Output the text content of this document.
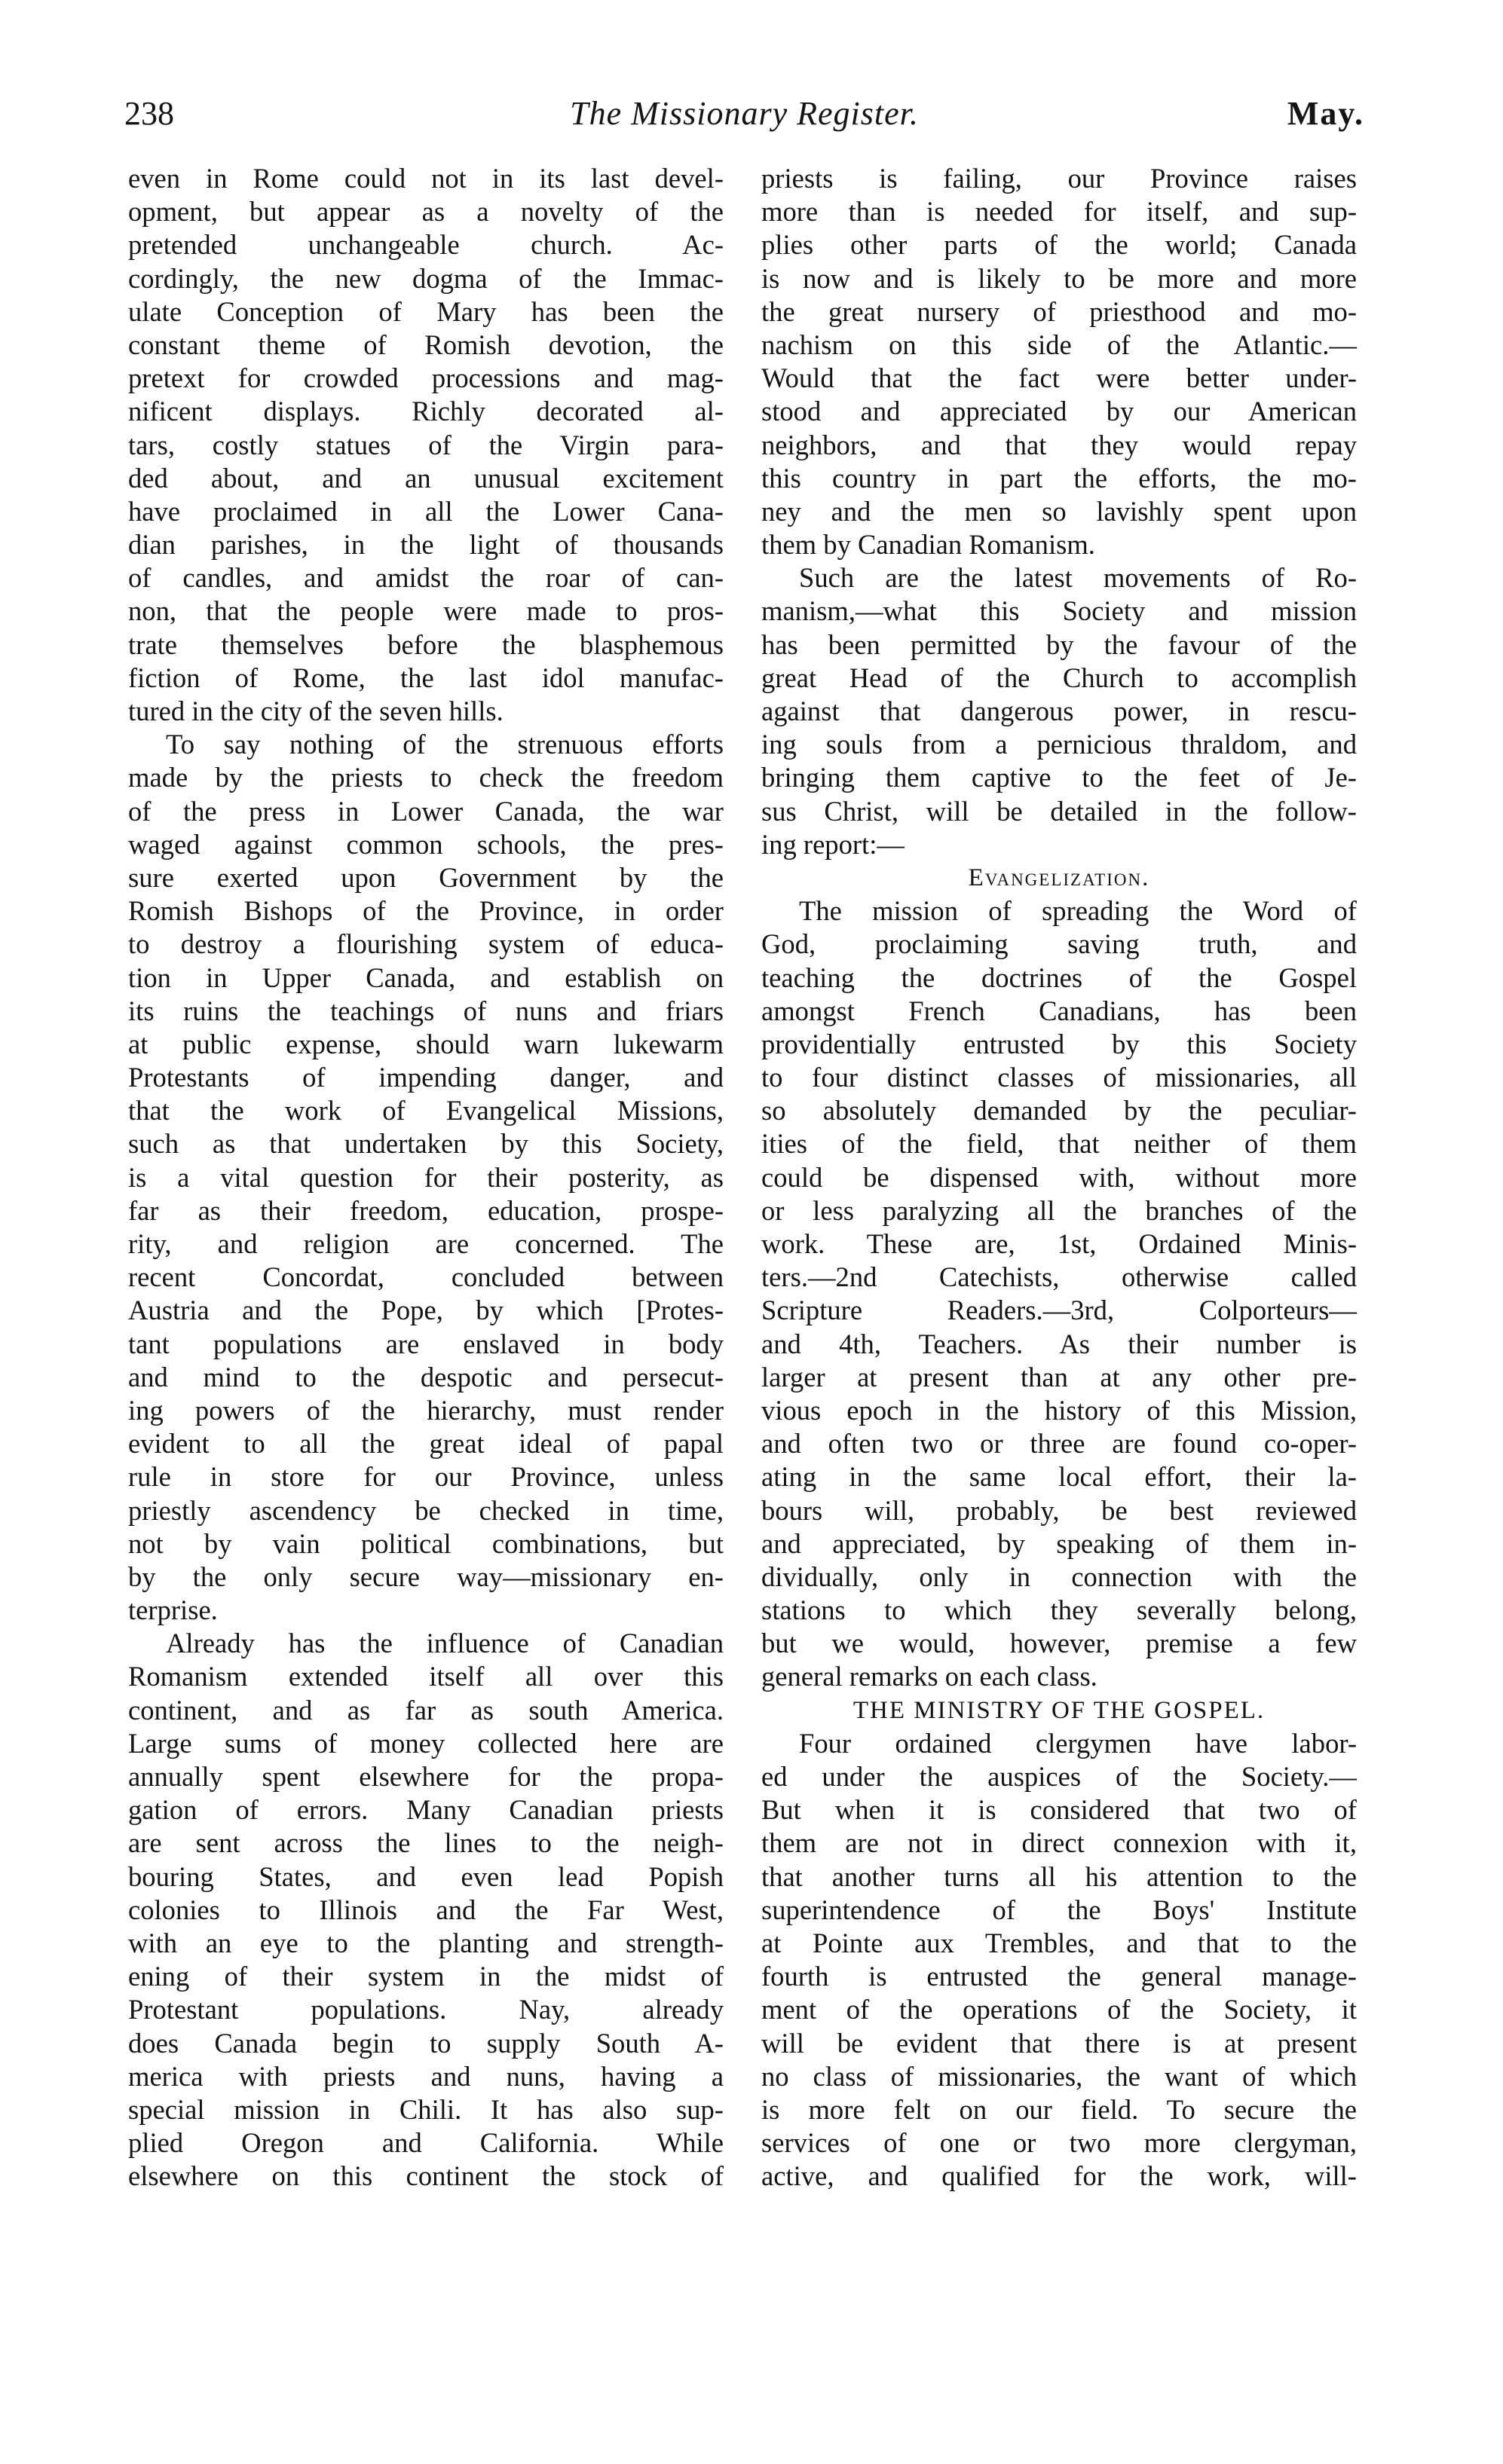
238	The Missionary Register.	May.
even in Rome could not in its last devel-
opment, but appear as a novelty of the
pretended unchangeable church. Ac-
cordingly, the new dogma of the Immac-
ulate Conception of Mary has been the
constant theme of Romish devotion, the
pretext for crowded processions and mag-
nificent displays. Richly decorated al-
tars, costly statues of the Virgin para-
ded about, and an unusual excitement
have proclaimed in all the Lower Cana-
dian parishes, in the light of thousands
of candles, and amidst the roar of can-
non, that the people were made to pros-
trate themselves before the blasphemous
fiction of Rome, the last idol manufac-
tured in the city of the seven hills.
To say nothing of the strenuous efforts
made by the priests to check the freedom
of the press in Lower Canada, the war
waged against common schools, the pres-
sure exerted upon Government by the
Romish Bishops of the Province, in order
to destroy a flourishing system of educa-
tion in Upper Canada, and establish on
its ruins the teachings of nuns and friars
at public expense, should warn lukewarm
Protestants of impending danger, and
that the work of Evangelical Missions,
such as that undertaken by this Society,
is a vital question for their posterity, as
far as their freedom, education, prospe-
rity, and religion are concerned. The
recent Concordat, concluded between
Austria and the Pope, by which [Protes-
tant populations are enslaved in body
and mind to the despotic and persecut-
ing powers of the hierarchy, must render
evident to all the great ideal of papal
rule in store for our Province, unless
priestly ascendency be checked in time,
not by vain political combinations, but
by the only secure way—missionary en-
terprise.
Already has the influence of Canadian
Romanism extended itself all over this
continent, and as far as south America.
Large sums of money collected here are
annually spent elsewhere for the propa-
gation of errors. Many Canadian priests
are sent across the lines to the neigh-
bouring States, and even lead Popish
colonies to Illinois and the Far West,
with an eye to the planting and strength-
ening of their system in the midst of
Protestant populations. Nay, already
does Canada begin to supply South A-
merica with priests and nuns, having a
special mission in Chili. It has also sup-
plied Oregon and California. While
elsewhere on this continent the stock of
priests is failing, our Province raises
more than is needed for itself, and sup-
plies other parts of the world; Canada
is now and is likely to be more and more
the great nursery of priesthood and mo-
nachism on this side of the Atlantic.—
Would that the fact were better under-
stood and appreciated by our American
neighbors, and that they would repay
this country in part the efforts, the mo-
ney and the men so lavishly spent upon
them by Canadian Romanism.
Such are the latest movements of Ro-
manism,—what this Society and mission
has been permitted by the favour of the
great Head of the Church to accomplish
against that dangerous power, in rescu-
ing souls from a pernicious thraldom, and
bringing them captive to the feet of Je-
sus Christ, will be detailed in the follow-
ing report:—
Evangelization.
The mission of spreading the Word of
God, proclaiming saving truth, and
teaching the doctrines of the Gospel
amongst French Canadians, has been
providentially entrusted by this Society
to four distinct classes of missionaries, all
so absolutely demanded by the peculiar-
ities of the field, that neither of them
could be dispensed with, without more
or less paralyzing all the branches of the
work. These are, 1st, Ordained Minis-
ters.—2nd Catechists, otherwise called
Scripture Readers.—3rd, Colporteurs—
and 4th, Teachers. As their number is
larger at present than at any other pre-
vious epoch in the history of this Mission,
and often two or three are found co-oper-
ating in the same local effort, their la-
bours will, probably, be best reviewed
and appreciated, by speaking of them in-
dividually, only in connection with the
stations to which they severally belong,
but we would, however, premise a few
general remarks on each class.
THE MINISTRY OF THE GOSPEL.
Four ordained clergymen have labor-
ed under the auspices of the Society.—
But when it is considered that two of
them are not in direct connexion with it,
that another turns all his attention to the
superintendence of the Boys' Institute
at Pointe aux Trembles, and that to the
fourth is entrusted the general manage-
ment of the operations of the Society, it
will be evident that there is at present
no class of missionaries, the want of which
is more felt on our field. To secure the
services of one or two more clergyman,
active, and qualified for the work, will-
